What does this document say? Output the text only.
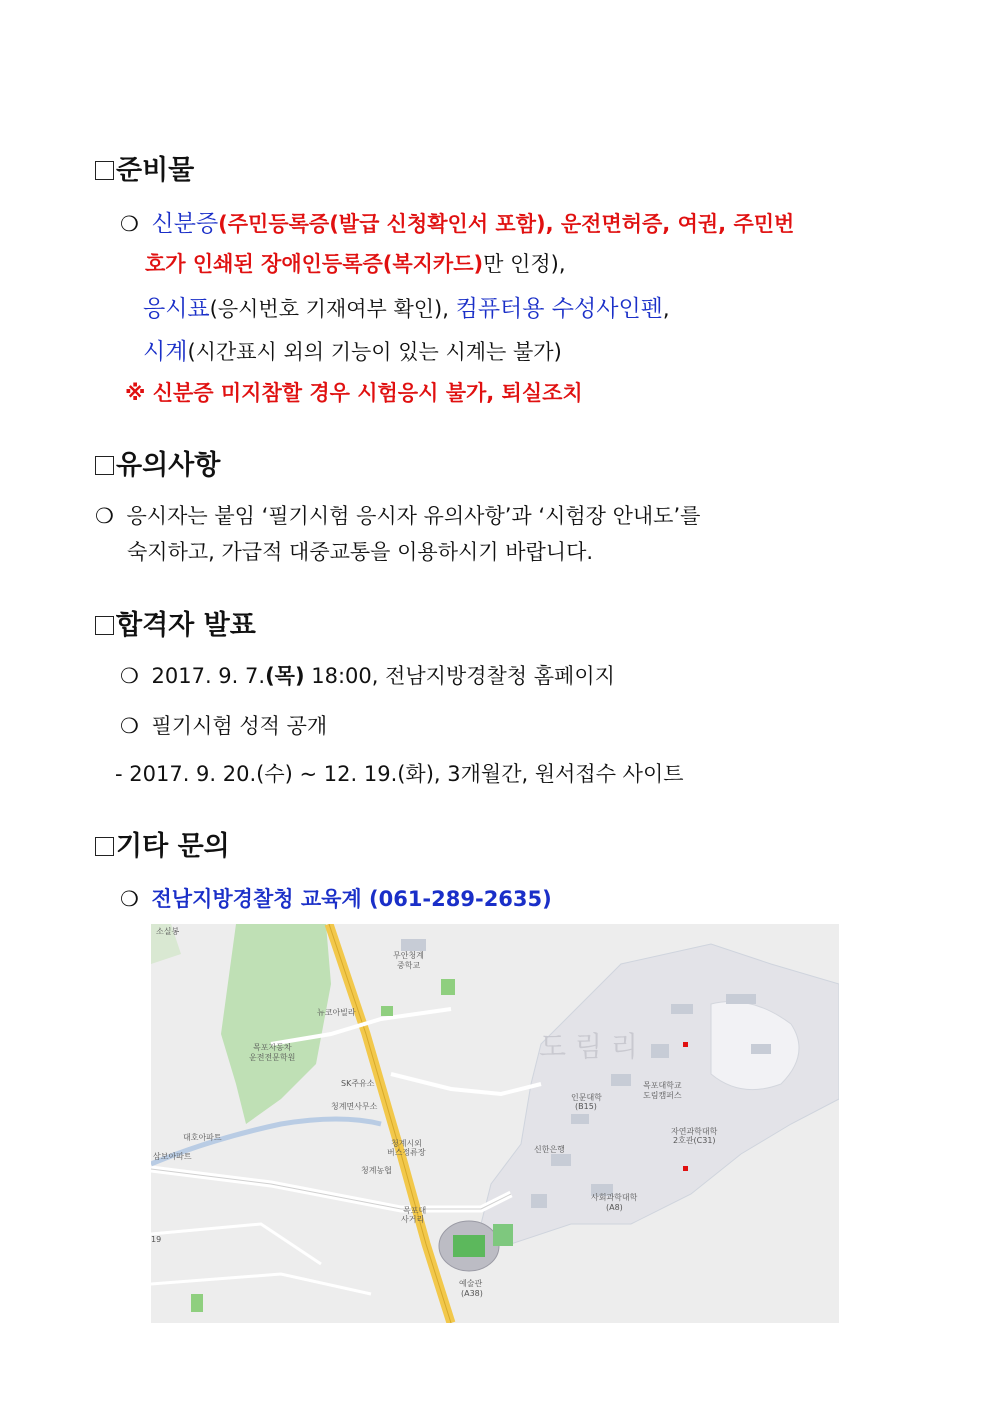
준비물
❍ 신분증(주민등록증(발급 신청확인서 포함), 운전면허증, 여권, 주민번
호가 인쇄된 장애인등록증(복지카드)만 인정),
응시표(응시번호 기재여부 확인), 컴퓨터용 수성사인펜,
시계(시간표시 외의 기능이 있는 시계는 불가)
※ 신분증 미지참할 경우 시험응시 불가, 퇴실조치
유의사항
❍ 응시자는 붙임 ‘필기시험 응시자 유의사항’과 ‘시험장 안내도’를
숙지하고, 가급적 대중교통을 이용하시기 바랍니다.
합격자 발표
❍ 2017. 9. 7.(목) 18:00, 전남지방경찰청 홈페이지
❍ 필기시험 성적 공개
- 2017. 9. 20.(수) ~ 12. 19.(화), 3개월간, 원서접수 사이트
기타 문의
❍ 전남지방경찰청 교육계 (061-289-2635)
소실봉
무안청계
중학교
뉴코아빌라
목포자동차
운전전문학원
SK주유소
청계면사무소
대호아파트
삼보아파트
청계시외
버스정류장
청계농협
신한은행
목포대
사거리
도 림 리
목포대학교
도림캠퍼스
인문대학
(B15)
자연과학대학
2호관(C31)
사회과학대학
(A8)
예술관
(A38)
19
